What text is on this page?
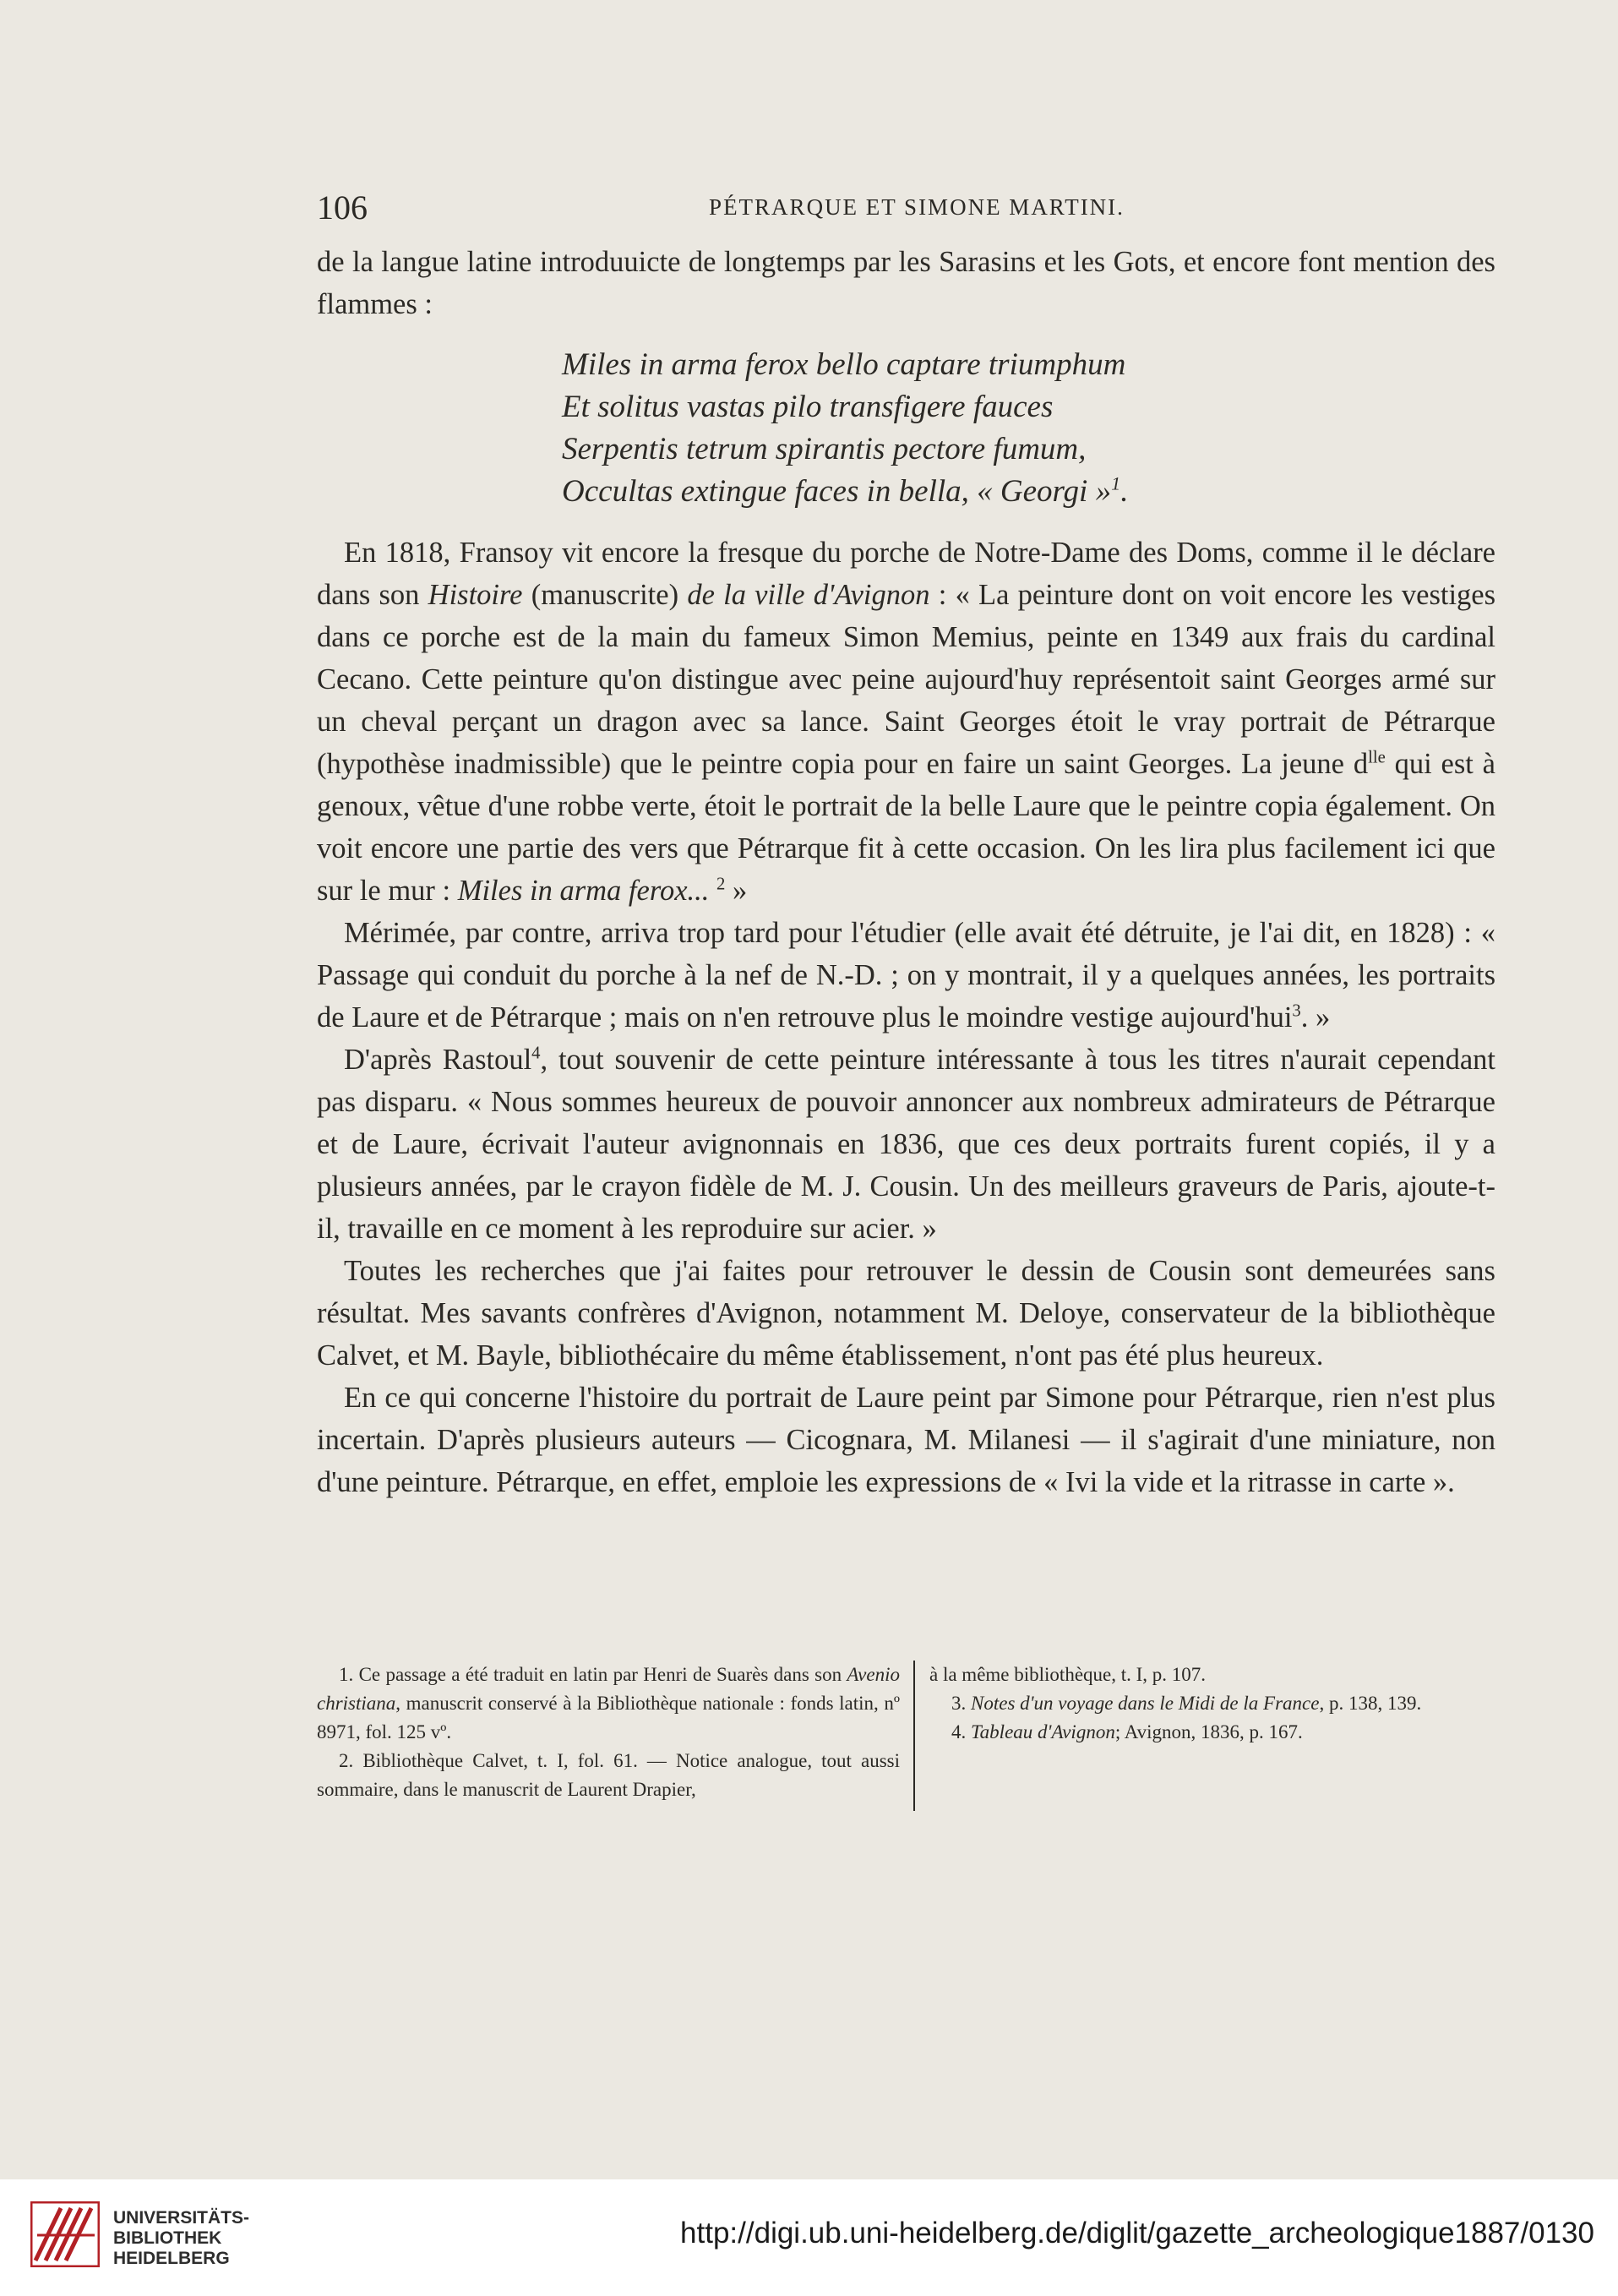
106	PÉTRARQUE ET SIMONE MARTINI.

de la langue latine introduuicte de longtemps par les Sarasins et les Gots, et encore font mention des flammes :

Miles in arma ferox bello captare triumphum
Et solitus vastas pilo transfigere fauces
Serpentis tetrum spirantis pectore fumum,
Occultas extingue faces in bella, « Georgi »$^1$.

En 1818, Fransoy vit encore la fresque du porche de Notre-Dame des Doms, comme il le déclare dans son Histoire (manuscrite) de la ville d'Avignon : « La peinture dont on voit encore les vestiges dans ce porche est de la main du fameux Simon Memius, peinte en 1349 aux frais du cardinal Cecano. Cette peinture qu'on distingue avec peine aujourd'huy représentoit saint Georges armé sur un cheval perçant un dragon avec sa lance. Saint Georges étoit le vray portrait de Pétrarque (hypothèse inadmissible) que le peintre copia pour en faire un saint Georges. La jeune $d^{lle}$ qui est à genoux, vêtue d'une robbe verte, étoit le portrait de la belle Laure que le peintre copia également. On voit encore une partie des vers que Pétrarque fit à cette occasion. On les lira plus facilement ici que sur le mur : Miles in arma ferox... $^2$ »

Mérimée, par contre, arriva trop tard pour l'étudier (elle avait été détruite, je l'ai dit, en 1828) : « Passage qui conduit du porche à la nef de N.-D. ; on y montrait, il y a quelques années, les portraits de Laure et de Pétrarque ; mais on n'en retrouve plus le moindre vestige aujourd'hui$^3$. »

D'après Rastoul$^4$, tout souvenir de cette peinture intéressante à tous les titres n'aurait cependant pas disparu. « Nous sommes heureux de pouvoir annoncer aux nombreux admirateurs de Pétrarque et de Laure, écrivait l'auteur avignonnais en 1836, que ces deux portraits furent copiés, il y a plusieurs années, par le crayon fidèle de M. J. Cousin. Un des meilleurs graveurs de Paris, ajoute-t-il, travaille en ce moment à les reproduire sur acier. »

Toutes les recherches que j'ai faites pour retrouver le dessin de Cousin sont demeurées sans résultat. Mes savants confrères d'Avignon, notamment M. Deloye, conservateur de la bibliothèque Calvet, et M. Bayle, bibliothécaire du même établissement, n'ont pas été plus heureux.

En ce qui concerne l'histoire du portrait de Laure peint par Simone pour Pétrarque, rien n'est plus incertain. D'après plusieurs auteurs — Cicognara, M. Milanesi — il s'agirait d'une miniature, non d'une peinture. Pétrarque, en effet, emploie les expressions de « Ivi la vide et la ritrasse in carte ».

1. Ce passage a été traduit en latin par Henri de Suarès dans son Avenio christiana, manuscrit conservé à la Bibliothèque nationale : fonds latin, nº 8971, fol. 125 vº.

2. Bibliothèque Calvet, t. I, fol. 61. — Notice analogue, tout aussi sommaire, dans le manuscrit de Laurent Drapier,

à la même bibliothèque, t. I, p. 107.

3. Notes d'un voyage dans le Midi de la France, p. 138, 139.

4. Tableau d'Avignon; Avignon, 1836, p. 167.

UNIVERSITÄTS-
BIBLIOTHEK
HEIDELBERG
http://digi.ub.uni-heidelberg.de/diglit/gazette_archeologique1887/0130
